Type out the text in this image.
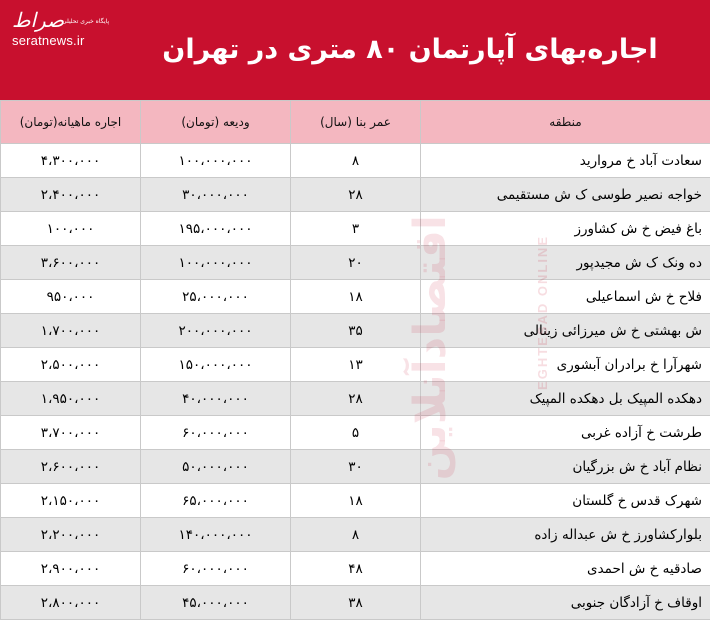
صراط
پایگاه خبری تحلیلی
seratnews.ir	اجاره‌بهای آپارتمان ۸۰ متری در تهران
منطقه	عمر بنا (سال)	ودیعه (تومان)	اجاره ماهیانه(تومان)
سعادت آباد خ مروارید	۸	۱۰۰،۰۰۰،۰۰۰	۴،۳۰۰،۰۰۰
خواجه نصیر طوسی ک ش مستقیمی	۲۸	۳۰،۰۰۰،۰۰۰	۲،۴۰۰،۰۰۰
باغ فیض خ ش کشاورز	۳	۱۹۵،۰۰۰،۰۰۰	۱۰۰،۰۰۰
ده ونک ک ش مجیدپور	۲۰	۱۰۰،۰۰۰،۰۰۰	۳،۶۰۰،۰۰۰
فلاح خ ش اسماعیلی	۱۸	۲۵،۰۰۰،۰۰۰	۹۵۰،۰۰۰
ش بهشتی خ ش میرزائی زینالی	۳۵	۲۰۰،۰۰۰،۰۰۰	۱،۷۰۰،۰۰۰
شهرآرا خ برادران آبشوری	۱۳	۱۵۰،۰۰۰،۰۰۰	۲،۵۰۰،۰۰۰
دهکده المپیک بل دهکده المپیک	۲۸	۴۰،۰۰۰،۰۰۰	۱،۹۵۰،۰۰۰
طرشت خ آزاده غربی	۵	۶۰،۰۰۰،۰۰۰	۳،۷۰۰،۰۰۰
نظام آباد خ ش بزرگیان	۳۰	۵۰،۰۰۰،۰۰۰	۲،۶۰۰،۰۰۰
شهرک قدس خ گلستان	۱۸	۶۵،۰۰۰،۰۰۰	۲،۱۵۰،۰۰۰
بلوارکشاورز خ ش عبداله زاده	۸	۱۴۰،۰۰۰،۰۰۰	۲،۲۰۰،۰۰۰
صادقیه خ ش احمدی	۴۸	۶۰،۰۰۰،۰۰۰	۲،۹۰۰،۰۰۰
اوقاف خ آزادگان جنوبی	۳۸	۴۵،۰۰۰،۰۰۰	۲،۸۰۰،۰۰۰
